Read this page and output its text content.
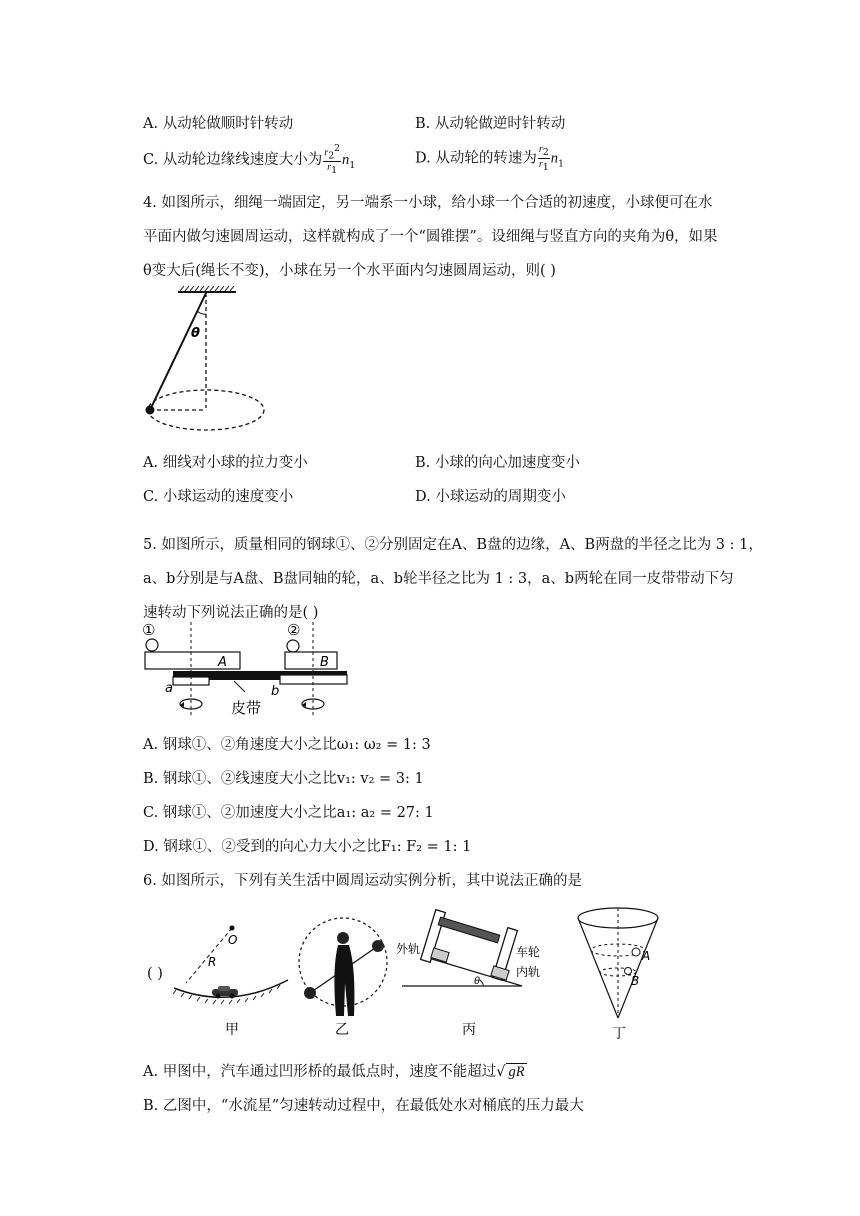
A. 从动轮做顺时针转动	B. 从动轮做逆时针转动
C. 从动轮边缘线速度大小为 $\frac{r_2^2}{r_1} n_1$	D. 从动轮的转速为 $\frac{r_2}{r_1} n_1$
4. 如图所示，细绳一端固定，另一端系一小球，给小球一个合适的初速度，小球便可在水
平面内做匀速圆周运动，这样就构成了一个“圆锥摆”。设细绳与竖直方向的夹角为θ，如果
θ变大后(绳长不变)，小球在另一个水平面内匀速圆周运动，则( )
θ
A. 细线对小球的拉力变小	B. 小球的向心加速度变小
C. 小球运动的速度变小	D. 小球运动的周期变小
5. 如图所示，质量相同的钢球①、②分别固定在A、B盘的边缘，A、B两盘的半径之比为 3 : 1，
a、b分别是与A盘、B盘同轴的轮，a、b轮半径之比为 1 : 3，a、b两轮在同一皮带带动下匀
速转动下列说法正确的是( )
①
A
②
B
a	b
皮带
A. 钢球①、②角速度大小之比ω₁: ω₂ = 1: 3
B. 钢球①、②线速度大小之比v₁: v₂ = 3: 1
C. 钢球①、②加速度大小之比a₁: a₂ = 27: 1
D. 钢球①、②受到的向心力大小之比F₁: F₂ = 1: 1
6. 如图所示，下列有关生活中圆周运动实例分析，其中说法正确的是
( )
O
R
甲	乙
θ
外轨	车轮
内轨
丙
A
B
丁
A. 甲图中，汽车通过凹形桥的最低点时，速度不能超过√ gR
B. 乙图中，“水流星”匀速转动过程中，在最低处水对桶底的压力最大
